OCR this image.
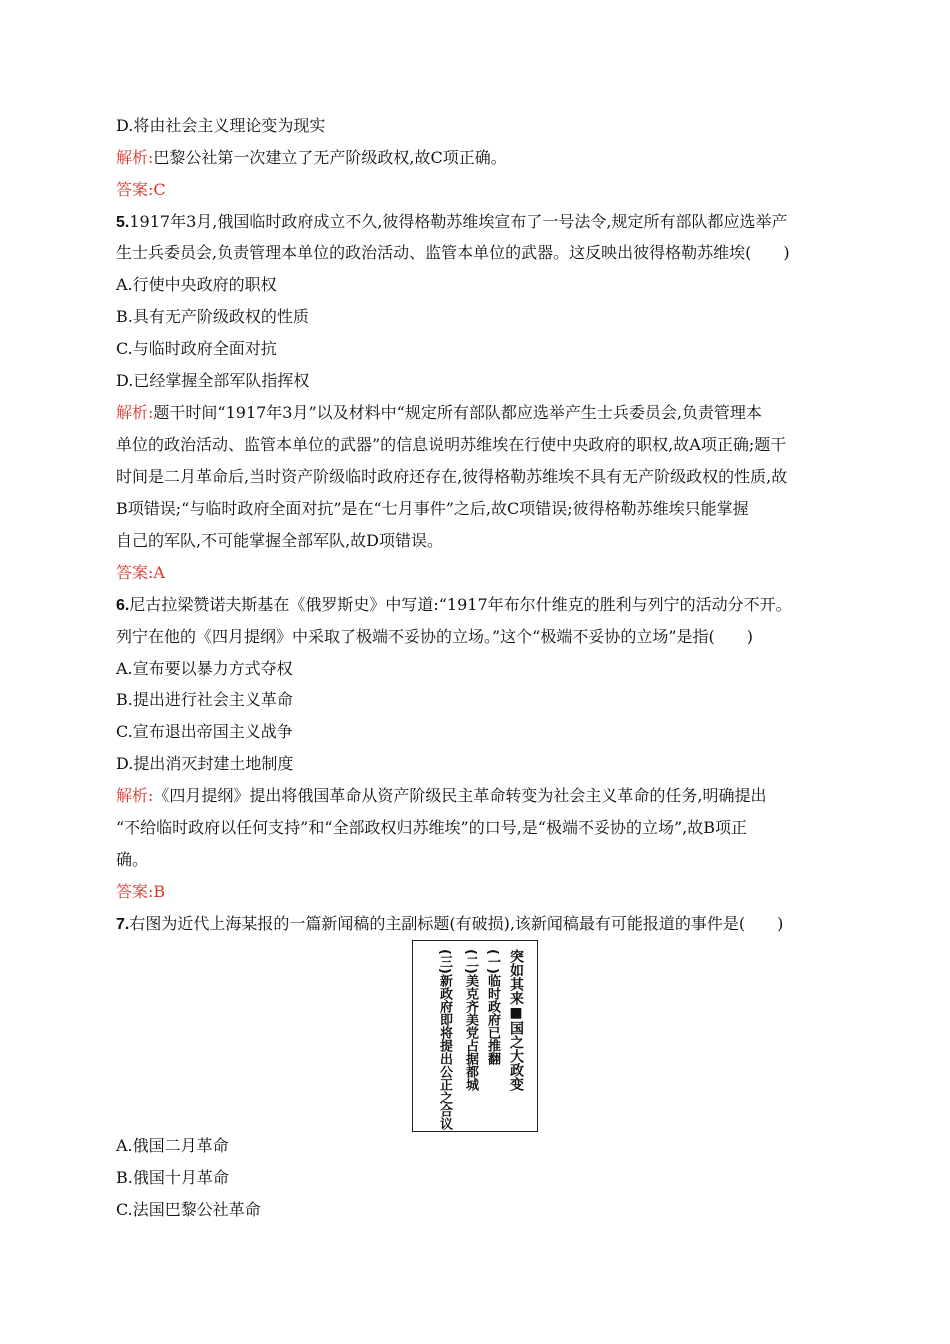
D.将由社会主义理论变为现实
解析:巴黎公社第一次建立了无产阶级政权,故C项正确。
答案:C
5.1917年3月,俄国临时政府成立不久,彼得格勒苏维埃宣布了一号法令,规定所有部队都应选举产
生士兵委员会,负责管理本单位的政治活动、监管本单位的武器。这反映出彼得格勒苏维埃(　　)
A.行使中央政府的职权
B.具有无产阶级政权的性质
C.与临时政府全面对抗
D.已经掌握全部军队指挥权
解析:题干时间“1917年3月”以及材料中“规定所有部队都应选举产生士兵委员会,负责管理本
单位的政治活动、监管本单位的武器”的信息说明苏维埃在行使中央政府的职权,故A项正确;题干
时间是二月革命后,当时资产阶级临时政府还存在,彼得格勒苏维埃不具有无产阶级政权的性质,故
B项错误;“与临时政府全面对抗”是在“七月事件”之后,故C项错误;彼得格勒苏维埃只能掌握
自己的军队,不可能掌握全部军队,故D项错误。
答案:A
6.尼古拉梁赞诺夫斯基在《俄罗斯史》中写道:“1917年布尔什维克的胜利与列宁的活动分不开。
列宁在他的《四月提纲》中采取了极端不妥协的立场。”这个“极端不妥协的立场”是指(　　)
A.宣布要以暴力方式夺权
B.提出进行社会主义革命
C.宣布退出帝国主义战争
D.提出消灭封建土地制度
解析:《四月提纲》提出将俄国革命从资产阶级民主革命转变为社会主义革命的任务,明确提出
“不给临时政府以任何支持”和“全部政权归苏维埃”的口号,是“极端不妥协的立场”,故B项正
确。
答案:B
7.右图为近代上海某报的一篇新闻稿的主副标题(有破损),该新闻稿最有可能报道的事件是(　　)
突如其来■国之大政变
(一)临时政府已推翻
(二)美克齐美党占据都城
(三)新政府即将提出公正之合议
A.俄国二月革命
B.俄国十月革命
C.法国巴黎公社革命
